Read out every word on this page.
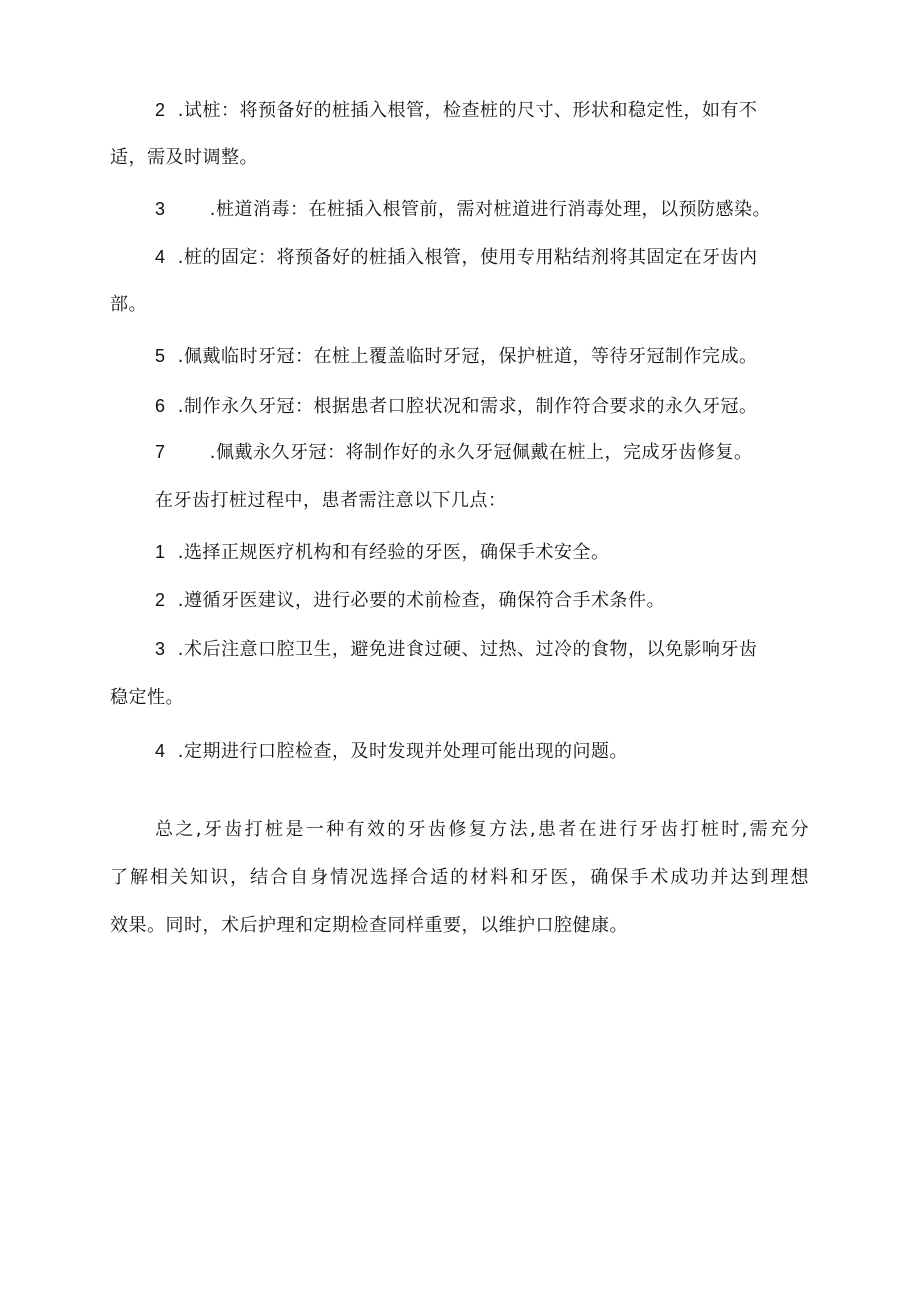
2 .试桩：将预备好的桩插入根管，检查桩的尺寸、形状和稳定性，如有不
适，需及时调整。
3 .桩道消毒：在桩插入根管前，需对桩道进行消毒处理，以预防感染。
4 .桩的固定：将预备好的桩插入根管，使用专用粘结剂将其固定在牙齿内
部。
5 .佩戴临时牙冠：在桩上覆盖临时牙冠，保护桩道，等待牙冠制作完成。
6 .制作永久牙冠：根据患者口腔状况和需求，制作符合要求的永久牙冠。
7 .佩戴永久牙冠：将制作好的永久牙冠佩戴在桩上，完成牙齿修复。
在牙齿打桩过程中，患者需注意以下几点：
1 .选择正规医疗机构和有经验的牙医，确保手术安全。
2 .遵循牙医建议，进行必要的术前检查，确保符合手术条件。
3 .术后注意口腔卫生，避免进食过硬、过热、过冷的食物，以免影响牙齿
稳定性。
4 .定期进行口腔检查，及时发现并处理可能出现的问题。
总之,牙齿打桩是一种有效的牙齿修复方法,患者在进行牙齿打桩时,需充分
了解相关知识，结合自身情况选择合适的材料和牙医，确保手术成功并达到理想
效果。同时，术后护理和定期检查同样重要，以维护口腔健康。
